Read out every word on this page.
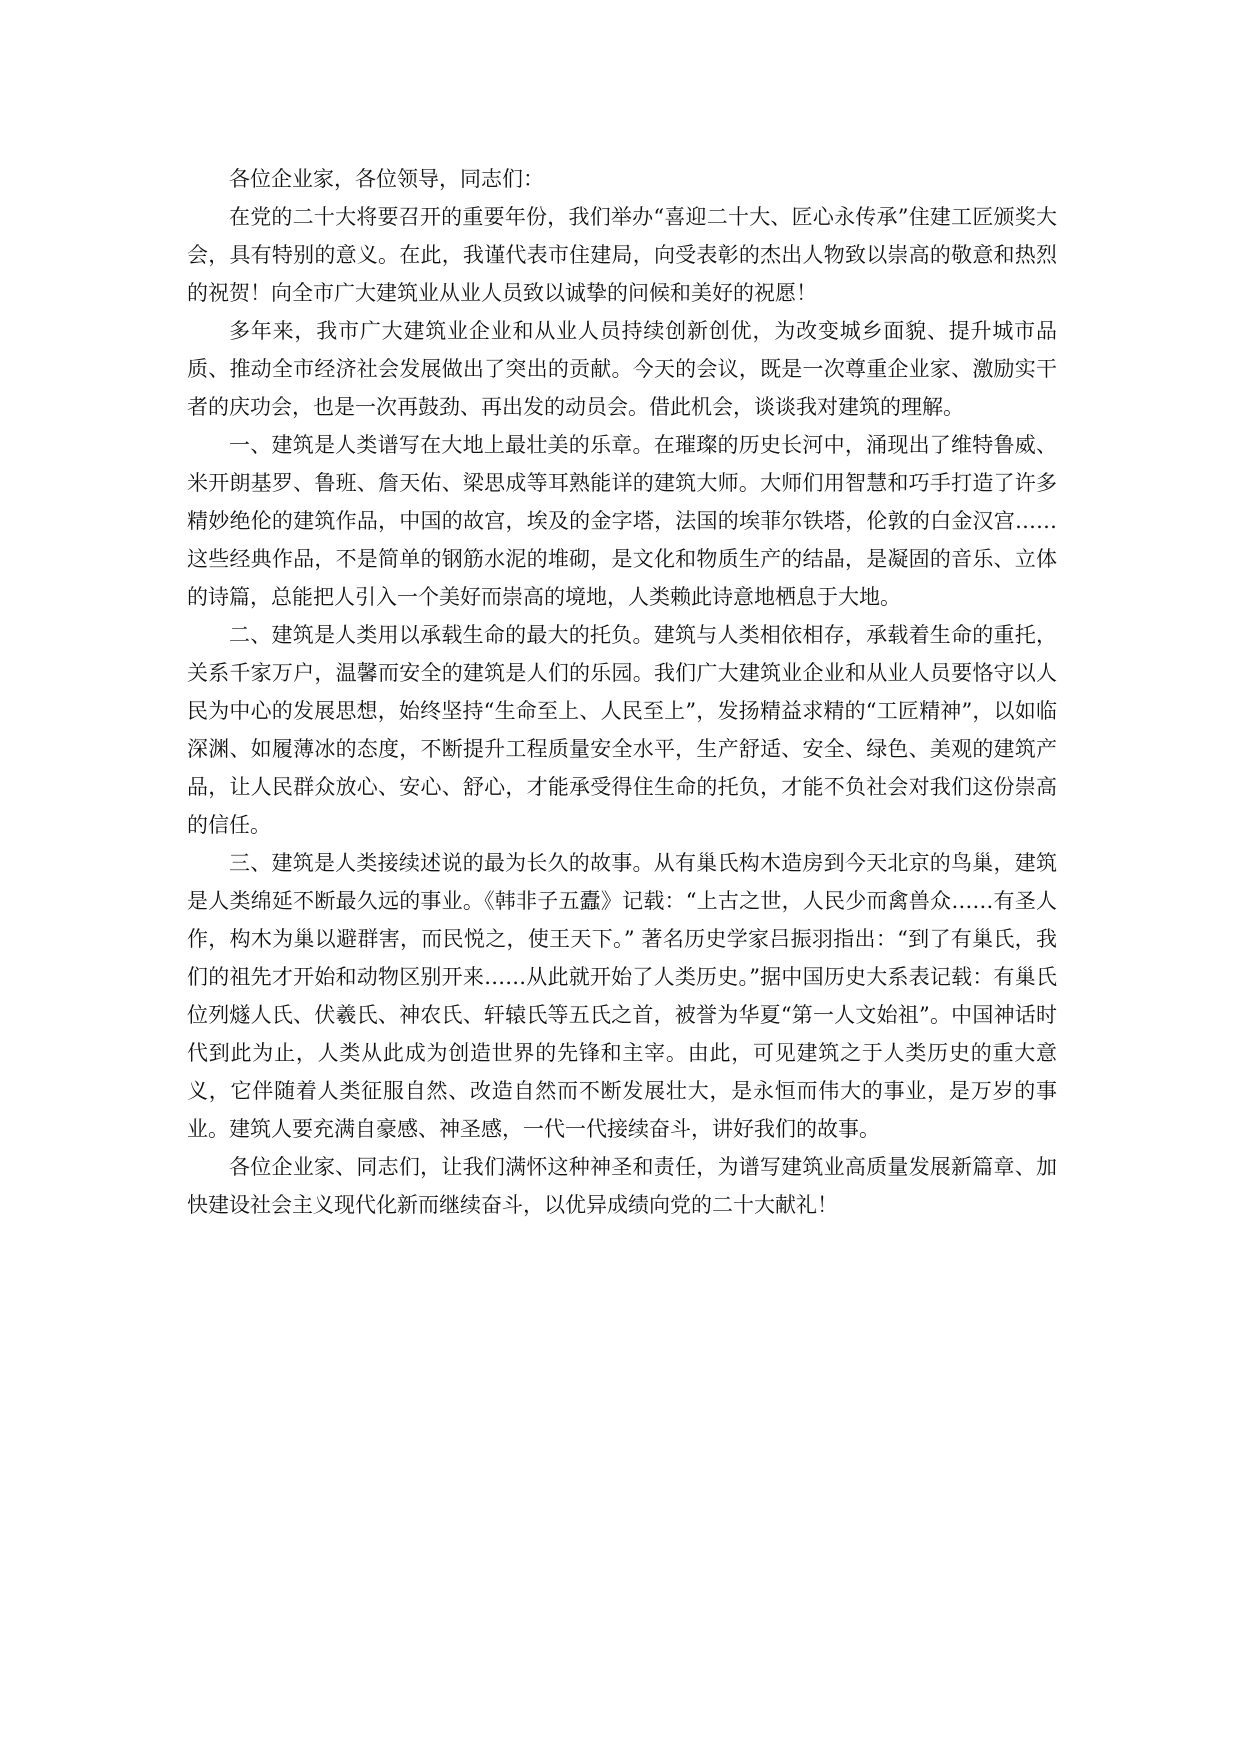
各位企业家，各位领导，同志们：

在党的二十大将要召开的重要年份，我们举办“喜迎二十大、匠心永传承”住建工匠颁奖大会，具有特别的意义。在此，我谨代表市住建局，向受表彰的杰出人物致以崇高的敬意和热烈的祝贺！向全市广大建筑业从业人员致以诚挚的问候和美好的祝愿！

多年来，我市广大建筑业企业和从业人员持续创新创优，为改变城乡面貌、提升城市品质、推动全市经济社会发展做出了突出的贡献。今天的会议，既是一次尊重企业家、激励实干者的庆功会，也是一次再鼓劲、再出发的动员会。借此机会，谈谈我对建筑的理解。

一、建筑是人类谱写在大地上最壮美的乐章。在璀璨的历史长河中，涌现出了维特鲁威、米开朗基罗、鲁班、詹天佑、梁思成等耳熟能详的建筑大师。大师们用智慧和巧手打造了许多精妙绝伦的建筑作品，中国的故宫，埃及的金字塔，法国的埃菲尔铁塔，伦敦的白金汉宫……这些经典作品，不是简单的钢筋水泥的堆砌，是文化和物质生产的结晶，是凝固的音乐、立体的诗篇，总能把人引入一个美好而崇高的境地，人类赖此诗意地栖息于大地。

二、建筑是人类用以承载生命的最大的托负。建筑与人类相依相存，承载着生命的重托，关系千家万户，温馨而安全的建筑是人们的乐园。我们广大建筑业企业和从业人员要恪守以人民为中心的发展思想，始终坚持“生命至上、人民至上”，发扬精益求精的“工匠精神”，以如临深渊、如履薄冰的态度，不断提升工程质量安全水平，生产舒适、安全、绿色、美观的建筑产品，让人民群众放心、安心、舒心，才能承受得住生命的托负，才能不负社会对我们这份崇高的信任。

三、建筑是人类接续述说的最为长久的故事。从有巢氏构木造房到今天北京的鸟巢，建筑是人类绵延不断最久远的事业。《韩非子五蠹》记载：“上古之世，人民少而禽兽众……有圣人作，构木为巢以避群害，而民悦之，使王天下。” 著名历史学家吕振羽指出：“到了有巢氏，我们的祖先才开始和动物区别开来……从此就开始了人类历史。”据中国历史大系表记载：有巢氏位列燧人氏、伏羲氏、神农氏、轩辕氏等五氏之首，被誉为华夏“第一人文始祖”。中国神话时代到此为止，人类从此成为创造世界的先锋和主宰。由此，可见建筑之于人类历史的重大意义，它伴随着人类征服自然、改造自然而不断发展壮大，是永恒而伟大的事业，是万岁的事业。建筑人要充满自豪感、神圣感，一代一代接续奋斗，讲好我们的故事。

各位企业家、同志们，让我们满怀这种神圣和责任，为谱写建筑业高质量发展新篇章、加快建设社会主义现代化新而继续奋斗，以优异成绩向党的二十大献礼！
